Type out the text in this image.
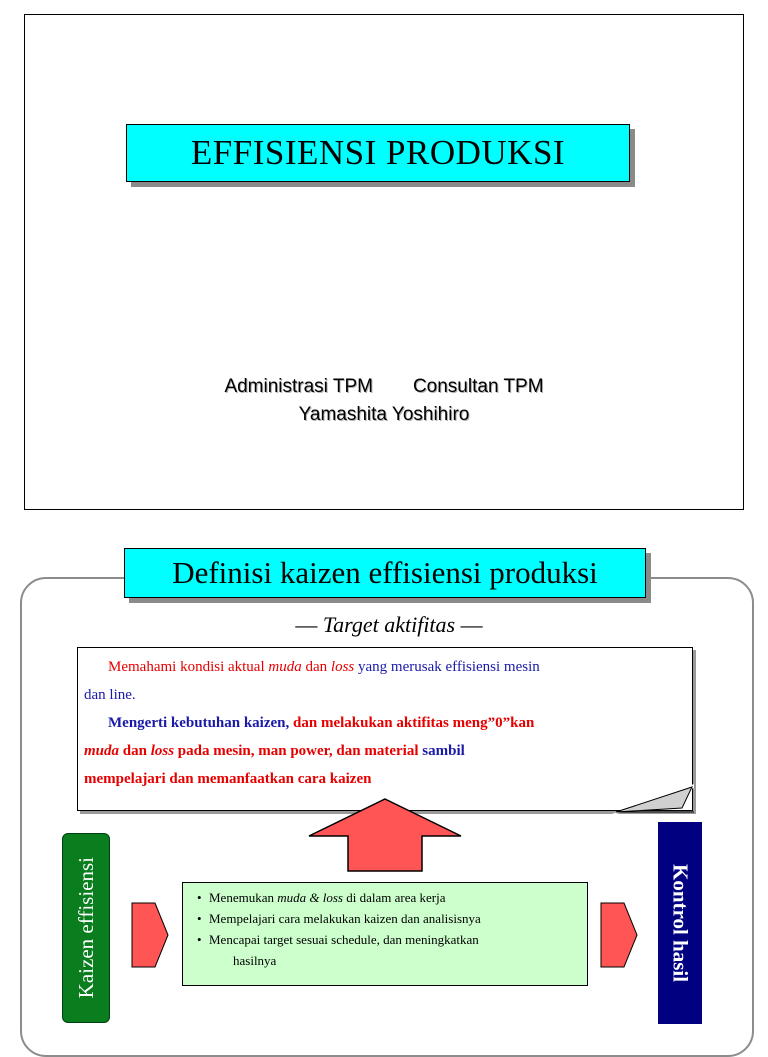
EFFISIENSI PRODUKSI
Administrasi TPM Consultan TPM
Yamashita Yoshihiro
Definisi kaizen effisiensi produksi
— Target aktifitas —

Memahami kondisi aktual muda dan loss yang merusak effisiensi mesin

dan line.

Mengerti kebutuhan kaizen, dan melakukan aktifitas meng”0”kan

muda dan loss pada mesin, man power, dan material sambil

mempelajari dan memanfaatkan cara kaizen

Kaizen effisiensi	Kontrol hasil
• Menemukan muda & loss di dalam area kerja
• Mempelajari cara melakukan kaizen dan analisisnya
• Mencapai target sesuai schedule, dan meningkatkan
hasilnya
